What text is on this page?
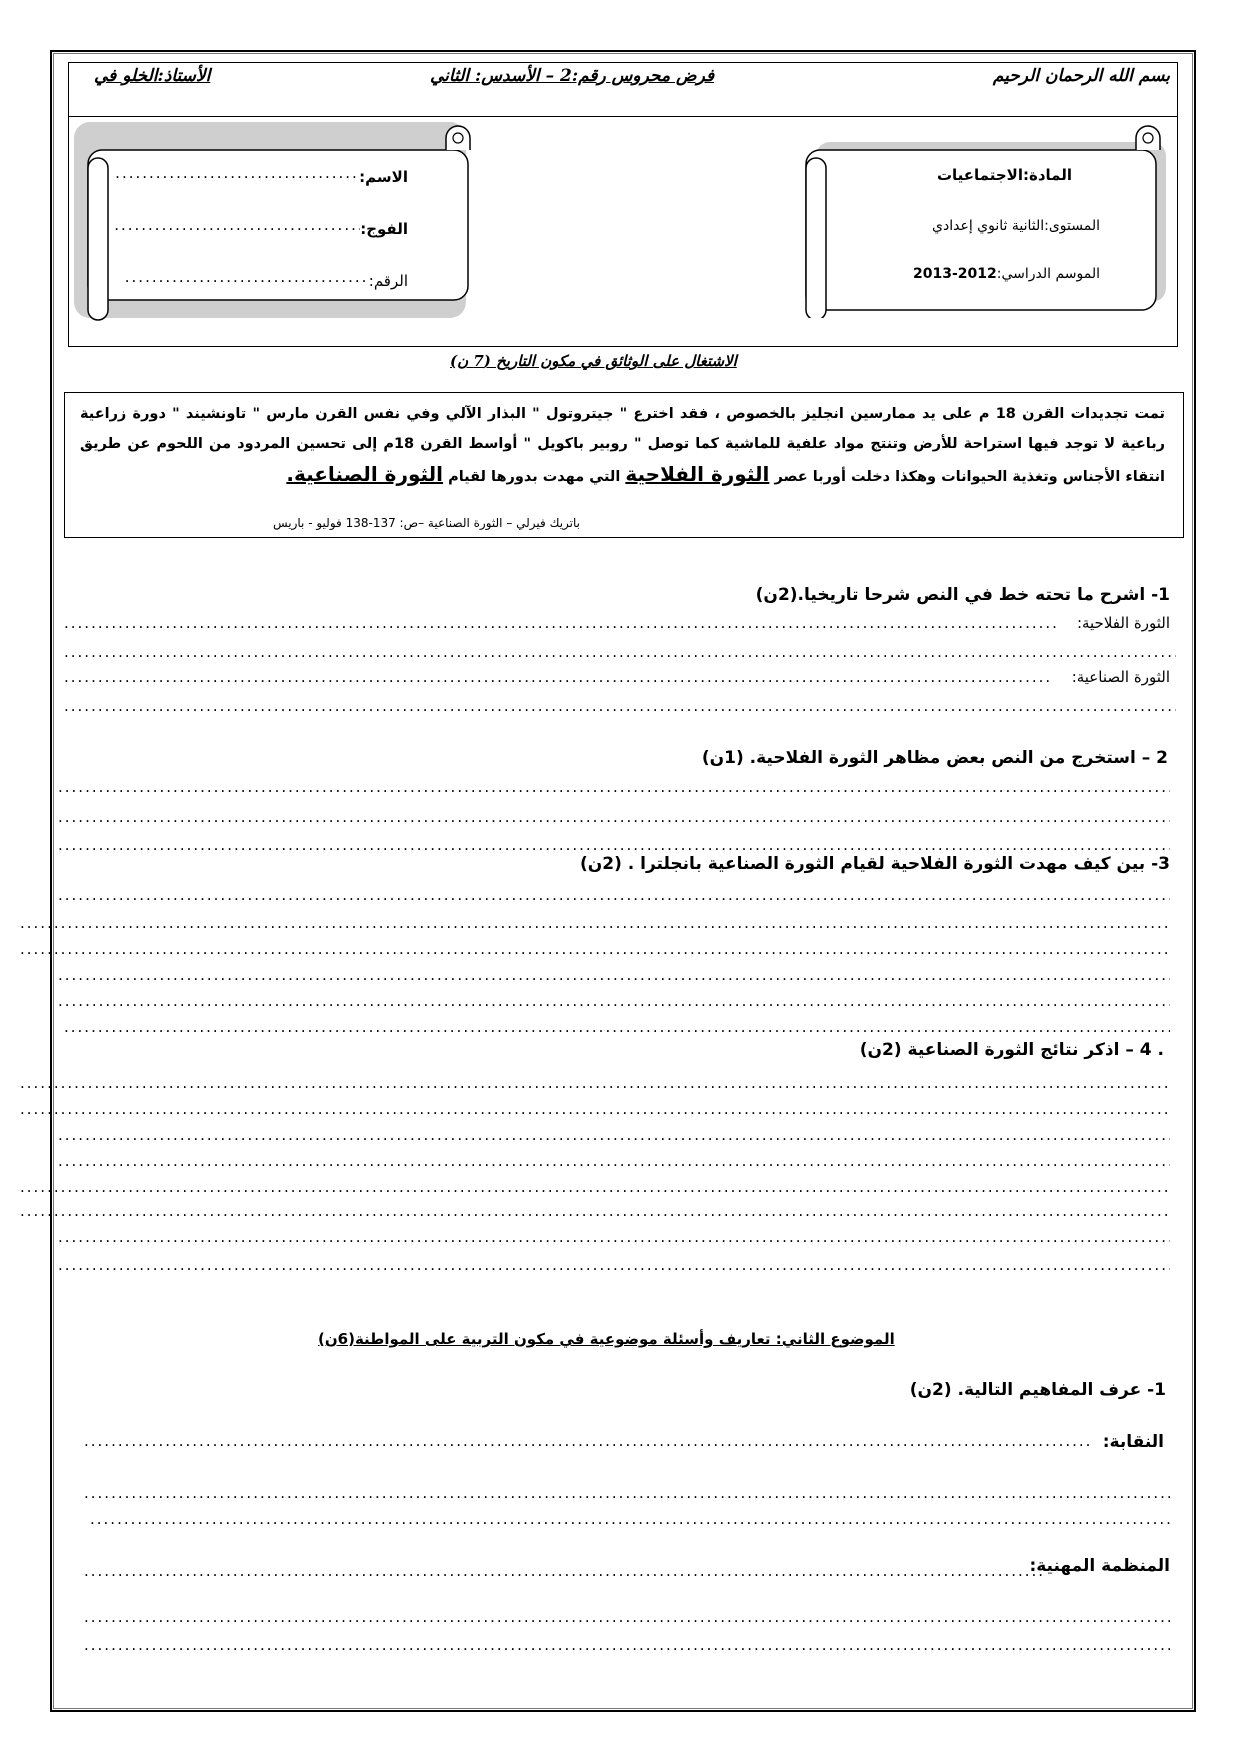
بسم الله الرحمان الرحيم
فرض محروس رقم:2 – الأسدس: الثاني
الأستاذ:الخلو في
المادة:الاجتماعيات
المستوى:الثانية ثانوي إعدادي
الموسم الدراسي:2012-2013
الاسم:.....
الفوج:.....
الرقم:.....
الاشتغال على الوثائق في مكون التاريخ (7 ن)
تمت تجديدات القرن 18 م على يد ممارسين انجليز بالخصوص ، فقد اخترع " جيتروتول " البذار الآلي وفي نفس القرن مارس " تاونشيند " دورة زراعية رباعية لا توجد فيها استراحة للأرض وتنتج مواد علفية للماشية كما توصل " روبير باكويل " أواسط القرن 18م إلى تحسين المردود من اللحوم عن طريق انتقاء الأجناس وتغذية الحيوانات وهكذا دخلت أوربا عصر الثورة الفلاحية التي مهدت بدورها لقيام الثورة الصناعية.
باتريك فيرلي – الثورة الصناعية –ص: 137-138 فوليو - باريس
1- اشرح ما تحته خط في النص شرحا تاريخيا.(2ن)
الثورة الفلاحية:
.....
.....
الثورة الصناعية:
.....
.....
2 – استخرج من النص بعض مظاهر الثورة الفلاحية. (1ن)
.....
.....
.....
3- بين كيف مهدت الثورة الفلاحية لقيام الثورة الصناعية بانجلترا . (2ن)
.....
.....
.....
.....
.....
.....
. 4 – اذكر نتائج الثورة الصناعية (2ن)
.....
.....
.....
.....
.....
.....
.....
.....
الموضوع الثاني: تعاريف وأسئلة موضوعية في مكون التربية على المواطنة(6ن)
1- عرف المفاهيم التالية. (2ن)
النقابة:
.....
.....
.....
المنظمة المهنية:
.....
.....
.....
